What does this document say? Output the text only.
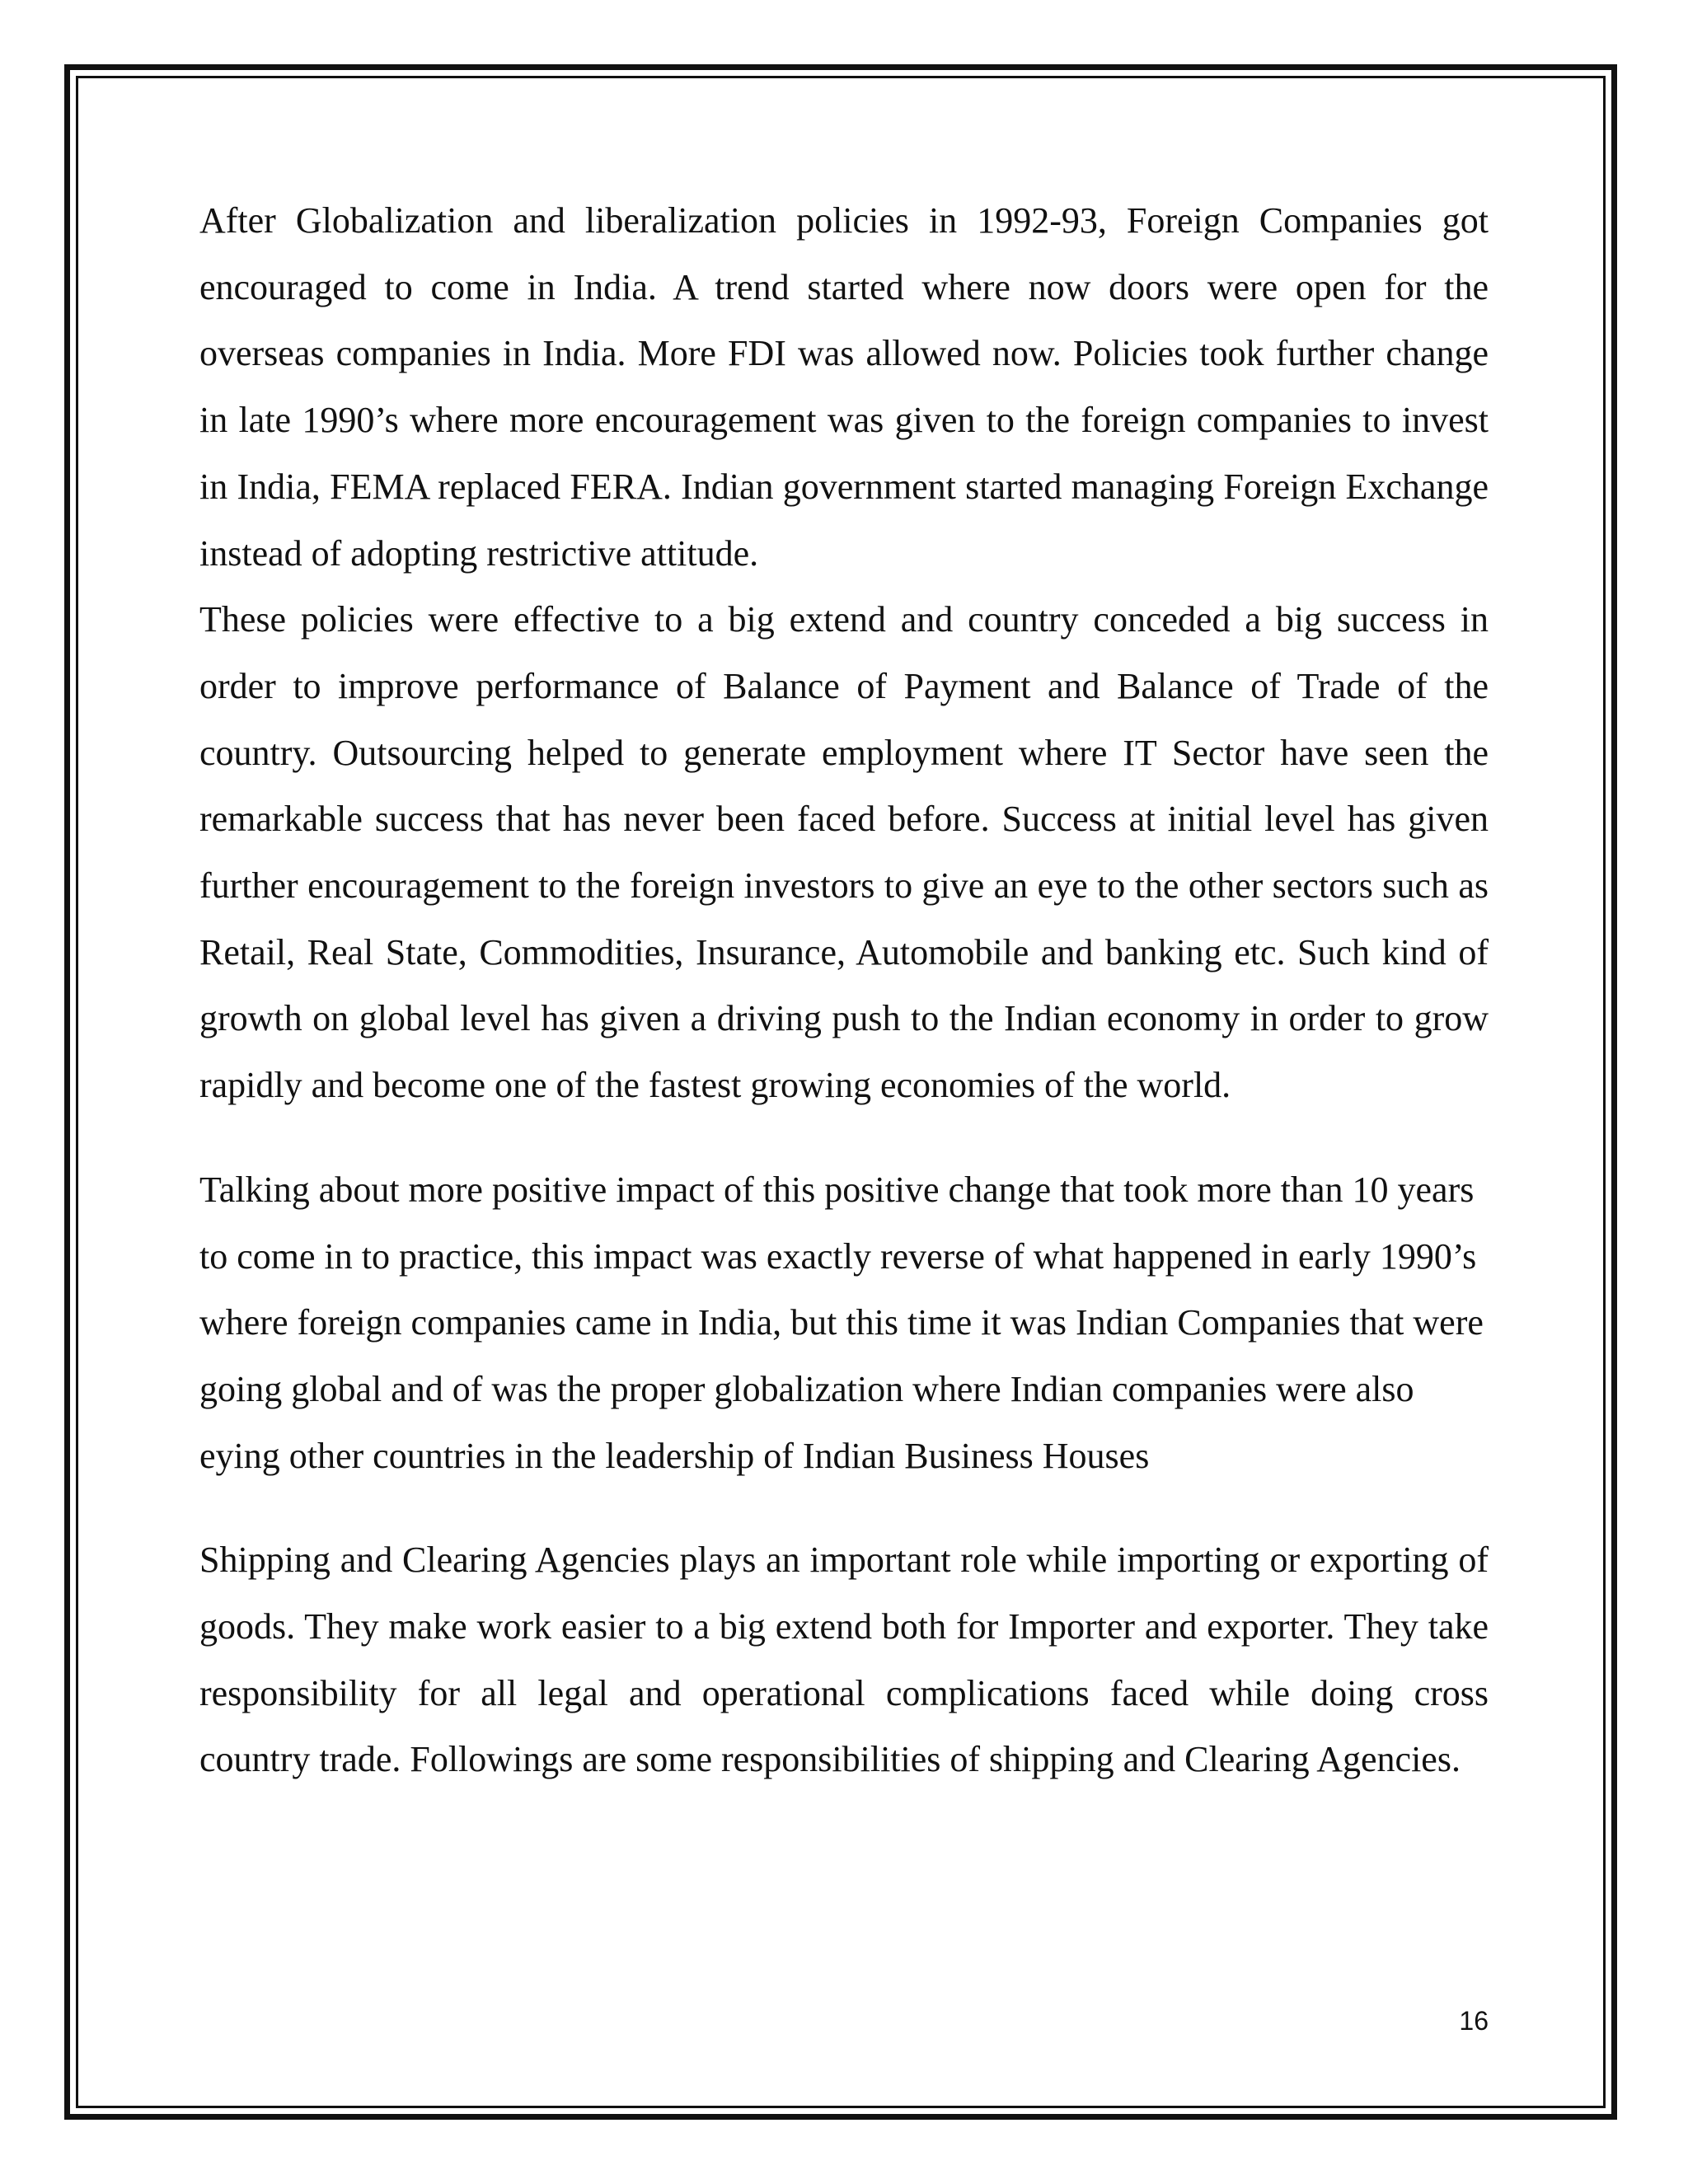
After Globalization and liberalization policies in 1992-93, Foreign Companies got encouraged to come in India. A trend started where now doors were open for the overseas companies in India. More FDI was allowed now. Policies took further change in late 1990’s where more encouragement was given to the foreign companies to invest in India, FEMA replaced FERA. Indian government started managing Foreign Exchange instead of adopting restrictive attitude.

These policies were effective to a big extend and country conceded a big success in order to improve performance of Balance of Payment and Balance of Trade of the country. Outsourcing helped to generate employment where IT Sector have seen the remarkable success that has never been faced before. Success at initial level has given further encouragement to the foreign investors to give an eye to the other sectors such as Retail, Real State, Commodities, Insurance, Automobile and banking etc. Such kind of growth on global level has given a driving push to the Indian economy in order to grow rapidly and become one of the fastest growing economies of the world.

Talking about more positive impact of this positive change that took more than 10 years to come in to practice, this impact was exactly reverse of what happened in early 1990’s where foreign companies came in India, but this time it was Indian Companies that were going global and of was the proper globalization where Indian companies were also eying other countries in the leadership of Indian Business Houses

Shipping and Clearing Agencies plays an important role while importing or exporting of goods. They make work easier to a big extend both for Importer and exporter. They take responsibility for all legal and operational complications faced while doing cross country trade. Followings are some responsibilities of shipping and Clearing Agencies.

16
